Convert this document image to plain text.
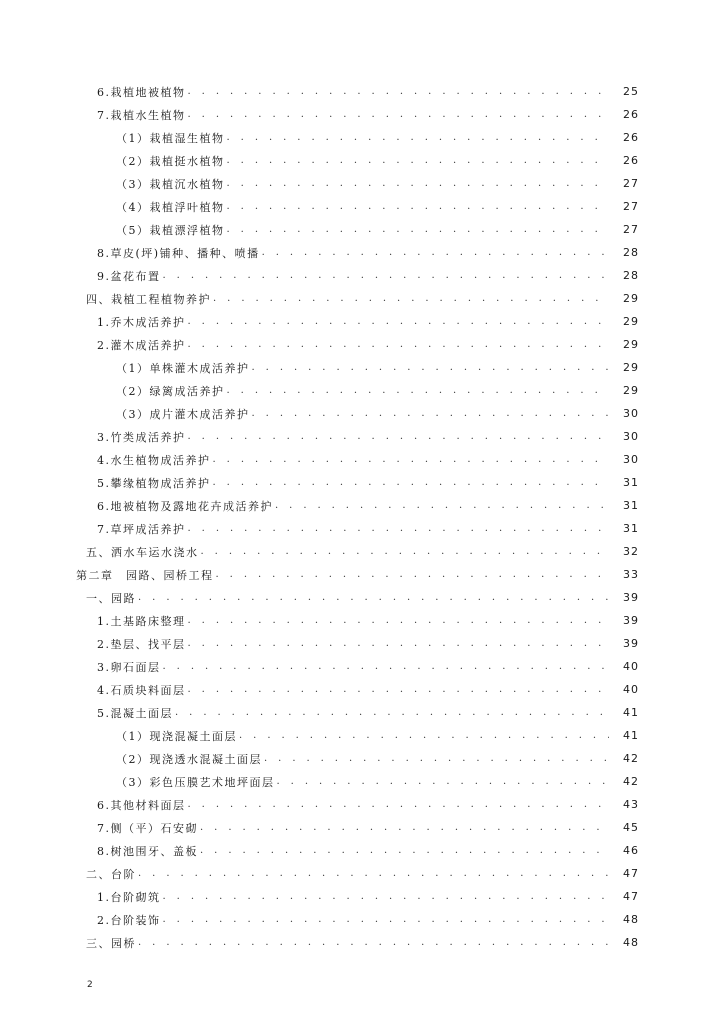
6.栽植地被植物 . . .	25
7.栽植水生植物 . . .	26
（1）栽植湿生植物 . . .	26
（2）栽植挺水植物 . . .	26
（3）栽植沉水植物 . . .	27
（4）栽植浮叶植物 . . .	27
（5）栽植漂浮植物 . . .	27
8.草皮(坪)铺种、播种、喷播 . . .	28
9.盆花布置 . . .	28
四、栽植工程植物养护 . . .	29
1.乔木成活养护 . . .	29
2.灌木成活养护 . . .	29
（1）单株灌木成活养护 . . .	29
（2）绿篱成活养护 . . .	29
（3）成片灌木成活养护 . . .	30
3.竹类成活养护 . . .	30
4.水生植物成活养护 . . .	30
5.攀缘植物成活养护 . . .	31
6.地被植物及露地花卉成活养护 . . .	31
7.草坪成活养护 . . .	31
五、洒水车运水浇水 . . .	32
第二章　园路、园桥工程 . . .	33
一、园路 . . .	39
1.土基路床整理 . . .	39
2.垫层、找平层 . . .	39
3.卵石面层 . . .	40
4.石质块料面层 . . .	40
5.混凝土面层 . . .	41
（1）现浇混凝土面层 . . .	41
（2）现浇透水混凝土面层 . . .	42
（3）彩色压膜艺术地坪面层 . . .	42
6.其他材料面层 . . .	43
7.侧（平）石安砌 . . .	45
8.树池围牙、盖板 . . .	46
二、台阶 . . .	47
1.台阶砌筑 . . .	47
2.台阶装饰 . . .	48
三、园桥 . . .	48
2
